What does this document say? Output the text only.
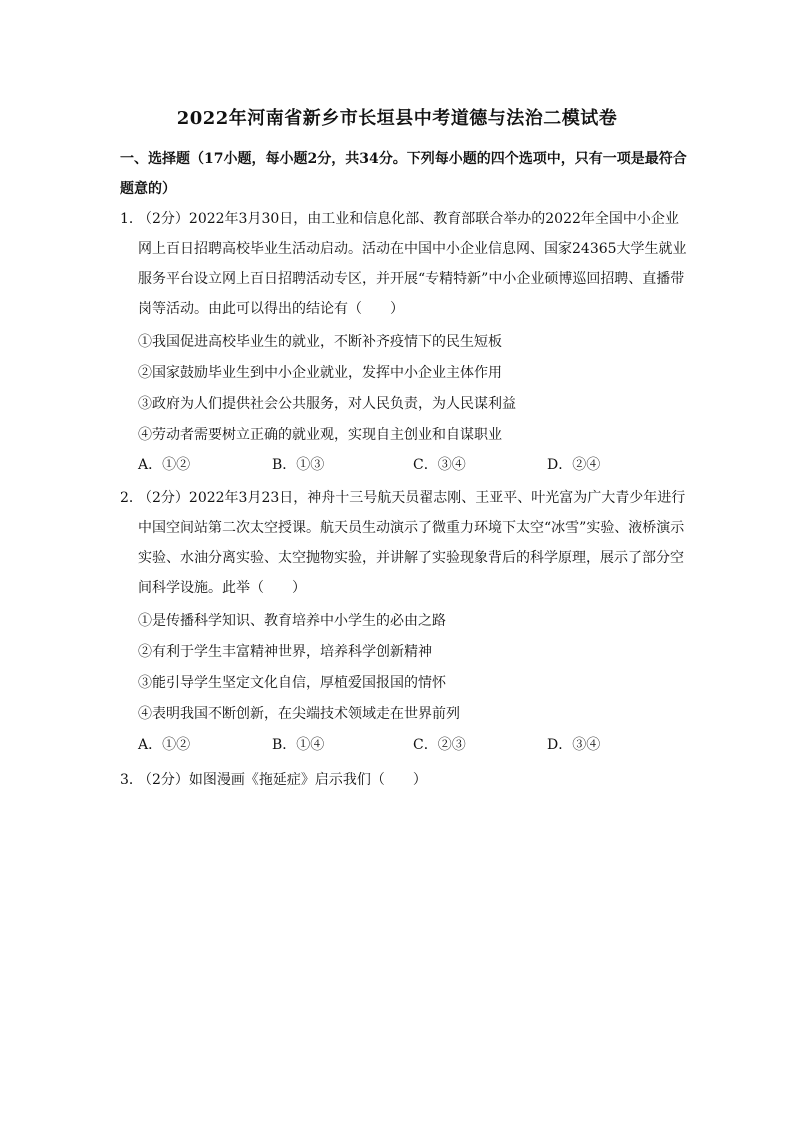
2022年河南省新乡市长垣县中考道德与法治二模试卷
一、选择题（17小题，每小题2分，共34分。下列每小题的四个选项中，只有一项是最符合题意的）
1．
（2分）2022年3月30日，由工业和信息化部、教育部联合举办的2022年全国中小企业网上百日招聘高校毕业生活动启动。活动在中国中小企业信息网、国家24365大学生就业服务平台设立网上百日招聘活动专区，并开展“专精特新”中小企业硕博巡回招聘、直播带岗等活动。由此可以得出的结论有（　　）
①我国促进高校毕业生的就业，不断补齐疫情下的民生短板
②国家鼓励毕业生到中小企业就业，发挥中小企业主体作用
③政府为人们提供社会公共服务，对人民负责，为人民谋利益
④劳动者需要树立正确的就业观，实现自主创业和自谋职业
A．①②	B．①③	C．③④	D．②④
2．
（2分）2022年3月23日，神舟十三号航天员翟志刚、王亚平、叶光富为广大青少年进行中国空间站第二次太空授课。航天员生动演示了微重力环境下太空“冰雪”实验、液桥演示实验、水油分离实验、太空抛物实验，并讲解了实验现象背后的科学原理，展示了部分空间科学设施。此举（　　）
①是传播科学知识、教育培养中小学生的必由之路
②有利于学生丰富精神世界，培养科学创新精神
③能引导学生坚定文化自信，厚植爱国报国的情怀
④表明我国不断创新，在尖端技术领域走在世界前列
A．①②	B．①④	C．②③	D．③④
3．
（2分）如图漫画《拖延症》启示我们（　　）
